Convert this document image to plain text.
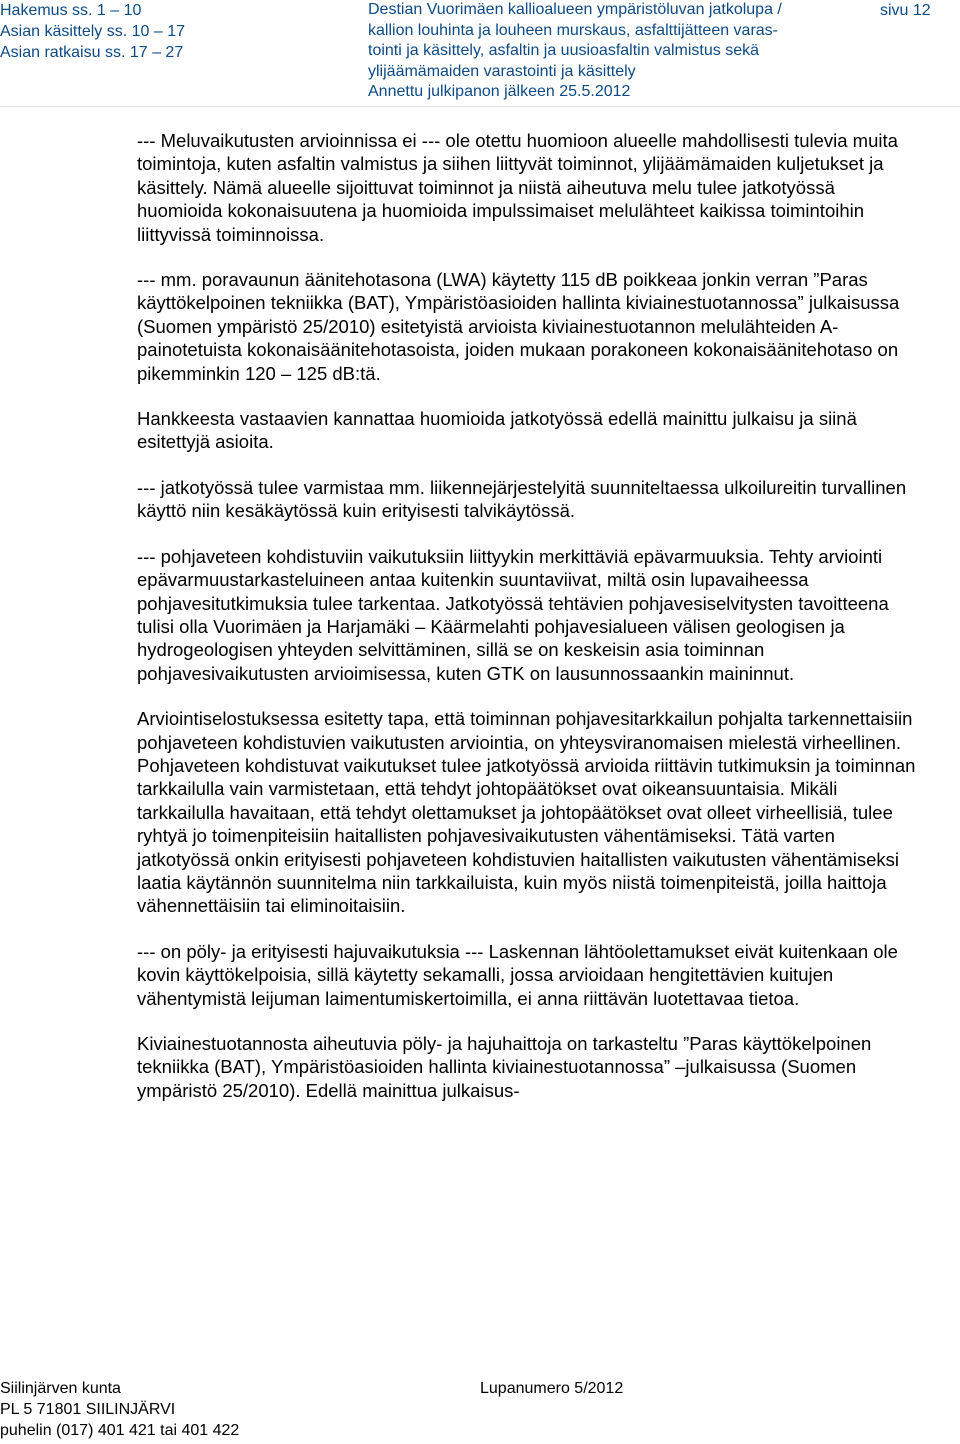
Hakemus ss. 1 – 10
Asian käsittely ss. 10 – 17
Asian ratkaisu ss. 17 – 27
Destian Vuorimäen kallioalueen ympäristöluvan jatkolupa /
kallion louhinta ja louheen murskaus, asfalttijätteen varas-
tointi ja käsittely, asfaltin ja uusioasfaltin valmistus sekä
ylijäämämaiden varastointi ja käsittely
Annettu julkipanon jälkeen 25.5.2012
sivu 12

--- Meluvaikutusten arvioinnissa ei --- ole otettu huomioon alueelle mahdollisesti tulevia muita toimintoja, kuten asfaltin valmistus ja siihen liittyvät toiminnot, ylijäämämaiden kuljetukset ja käsittely. Nämä alueelle sijoittuvat toiminnot ja niistä aiheutuva melu tulee jatkotyössä huomioida kokonaisuutena ja huomioida impulssimaiset melulähteet kaikissa toimintoihin liittyvissä toiminnoissa.

--- mm. poravaunun äänitehotasona (LWA) käytetty 115 dB poikkeaa jonkin verran ”Paras käyttökelpoinen tekniikka (BAT), Ympäristöasioiden hallinta kiviainestuotannossa” julkaisussa (Suomen ympäristö 25/2010) esitetyistä arvioista kiviainestuotannon melulähteiden A-painotetuista kokonaisäänitehotasoista, joiden mukaan porakoneen kokonaisäänitehotaso on pikemminkin 120 – 125 dB:tä.

Hankkeesta vastaavien kannattaa huomioida jatkotyössä edellä mainittu julkaisu ja siinä esitettyjä asioita.

--- jatkotyössä tulee varmistaa mm. liikennejärjestelyitä suunniteltaessa ulkoilureitin turvallinen käyttö niin kesäkäytössä kuin erityisesti talvikäytössä.

--- pohjaveteen kohdistuviin vaikutuksiin liittyykin merkittäviä epävarmuuksia. Tehty arviointi epävarmuustarkasteluineen antaa kuitenkin suuntaviivat, miltä osin lupavaiheessa pohjavesitutkimuksia tulee tarkentaa. Jatkotyössä tehtävien pohjavesiselvitysten tavoitteena tulisi olla Vuorimäen ja Harjamäki – Käärmelahti pohjavesialueen välisen geologisen ja hydrogeologisen yhteyden selvittäminen, sillä se on keskeisin asia toiminnan pohjavesivaikutusten arvioimisessa, kuten GTK on lausunnossaankin maininnut.

Arviointiselostuksessa esitetty tapa, että toiminnan pohjavesitarkkailun pohjalta tarkennettaisiin pohjaveteen kohdistuvien vaikutusten arviointia, on yhteysviranomaisen mielestä virheellinen. Pohjaveteen kohdistuvat vaikutukset tulee jatkotyössä arvioida riittävin tutkimuksin ja toiminnan tarkkailulla vain varmistetaan, että tehdyt johtopäätökset ovat oikeansuuntaisia. Mikäli tarkkailulla havaitaan, että tehdyt olettamukset ja johtopäätökset ovat olleet virheellisiä, tulee ryhtyä jo toimenpiteisiin haitallisten pohjavesivaikutusten vähentämiseksi. Tätä varten jatkotyössä onkin erityisesti pohjaveteen kohdistuvien haitallisten vaikutusten vähentämiseksi laatia käytännön suunnitelma niin tarkkailuista, kuin myös niistä toimenpiteistä, joilla haittoja vähennettäisiin tai eliminoitaisiin.

--- on pöly- ja erityisesti hajuvaikutuksia --- Laskennan lähtöolettamukset eivät kuitenkaan ole kovin käyttökelpoisia, sillä käytetty sekamalli, jossa arvioidaan hengitettävien kuitujen vähentymistä leijuman laimentumiskertoimilla, ei anna riittävän luotettavaa tietoa.

Kiviainestuotannosta aiheutuvia pöly- ja hajuhaittoja on tarkasteltu ”Paras käyttökelpoinen tekniikka (BAT), Ympäristöasioiden hallinta kiviainestuotannossa” –julkaisussa (Suomen ympäristö 25/2010). Edellä mainittua julkaisus-

Siilinjärven kunta
PL 5 71801 SIILINJÄRVI
puhelin (017) 401 421 tai 401 422
Lupanumero 5/2012
